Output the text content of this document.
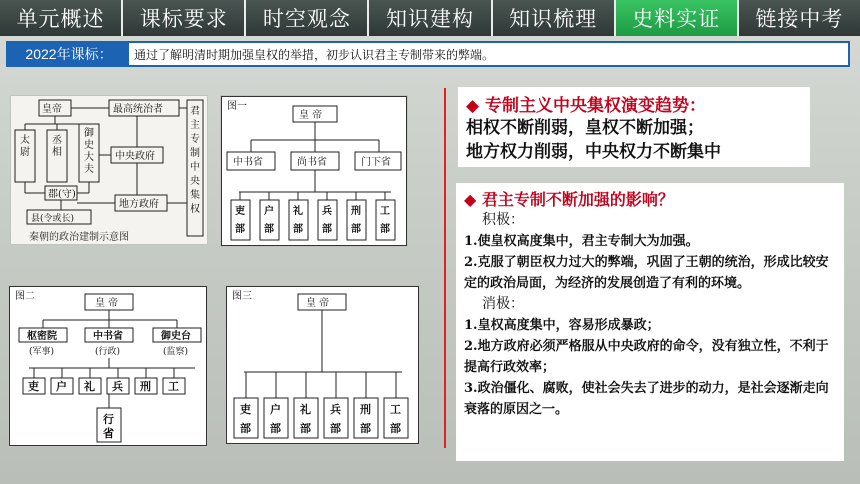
单元概述	课标要求	时空观念	知识建构	知识梳理	史料实证	链接中考
通过了解明清时期加强皇权的举措，初步认识君主专制带来的弊端。
2022年课标：
皇帝	最高统治者
中央政府
地方政府
郡(守)
县(令或长)
太
尉
丞
相
御
史
大
夫
君
主
专
制
中
央
集
权
秦朝的政治建制示意图
图一
皇 帝
中书省	尚书省	门下省
吏
部
户
部
礼
部
兵
部
刑
部
工
部
图二
皇 帝
枢密院
(军事)
中书省
(行政)
御史台
(监察)
吏 户 礼 兵 刑 工
行
省
图三
皇 帝
吏
部
户
部
礼
部
兵
部
刑
部
工
部
◆ 专制主义中央集权演变趋势：
相权不断削弱，皇权不断加强；
地方权力削弱，中央权力不断集中
◆ 君主专制不断加强的影响？
积极：
1.使皇权高度集中，君主专制大为加强。
2.克服了朝臣权力过大的弊端，巩固了王朝的统治，形成比较安定的政治局面，为经济的发展创造了有利的环境。
消极：
1.皇权高度集中，容易形成暴政；
2.地方政府必须严格服从中央政府的命令，没有独立性，不利于提高行政效率；
3.政治僵化、腐败，使社会失去了进步的动力，是社会逐渐走向衰落的原因之一。
